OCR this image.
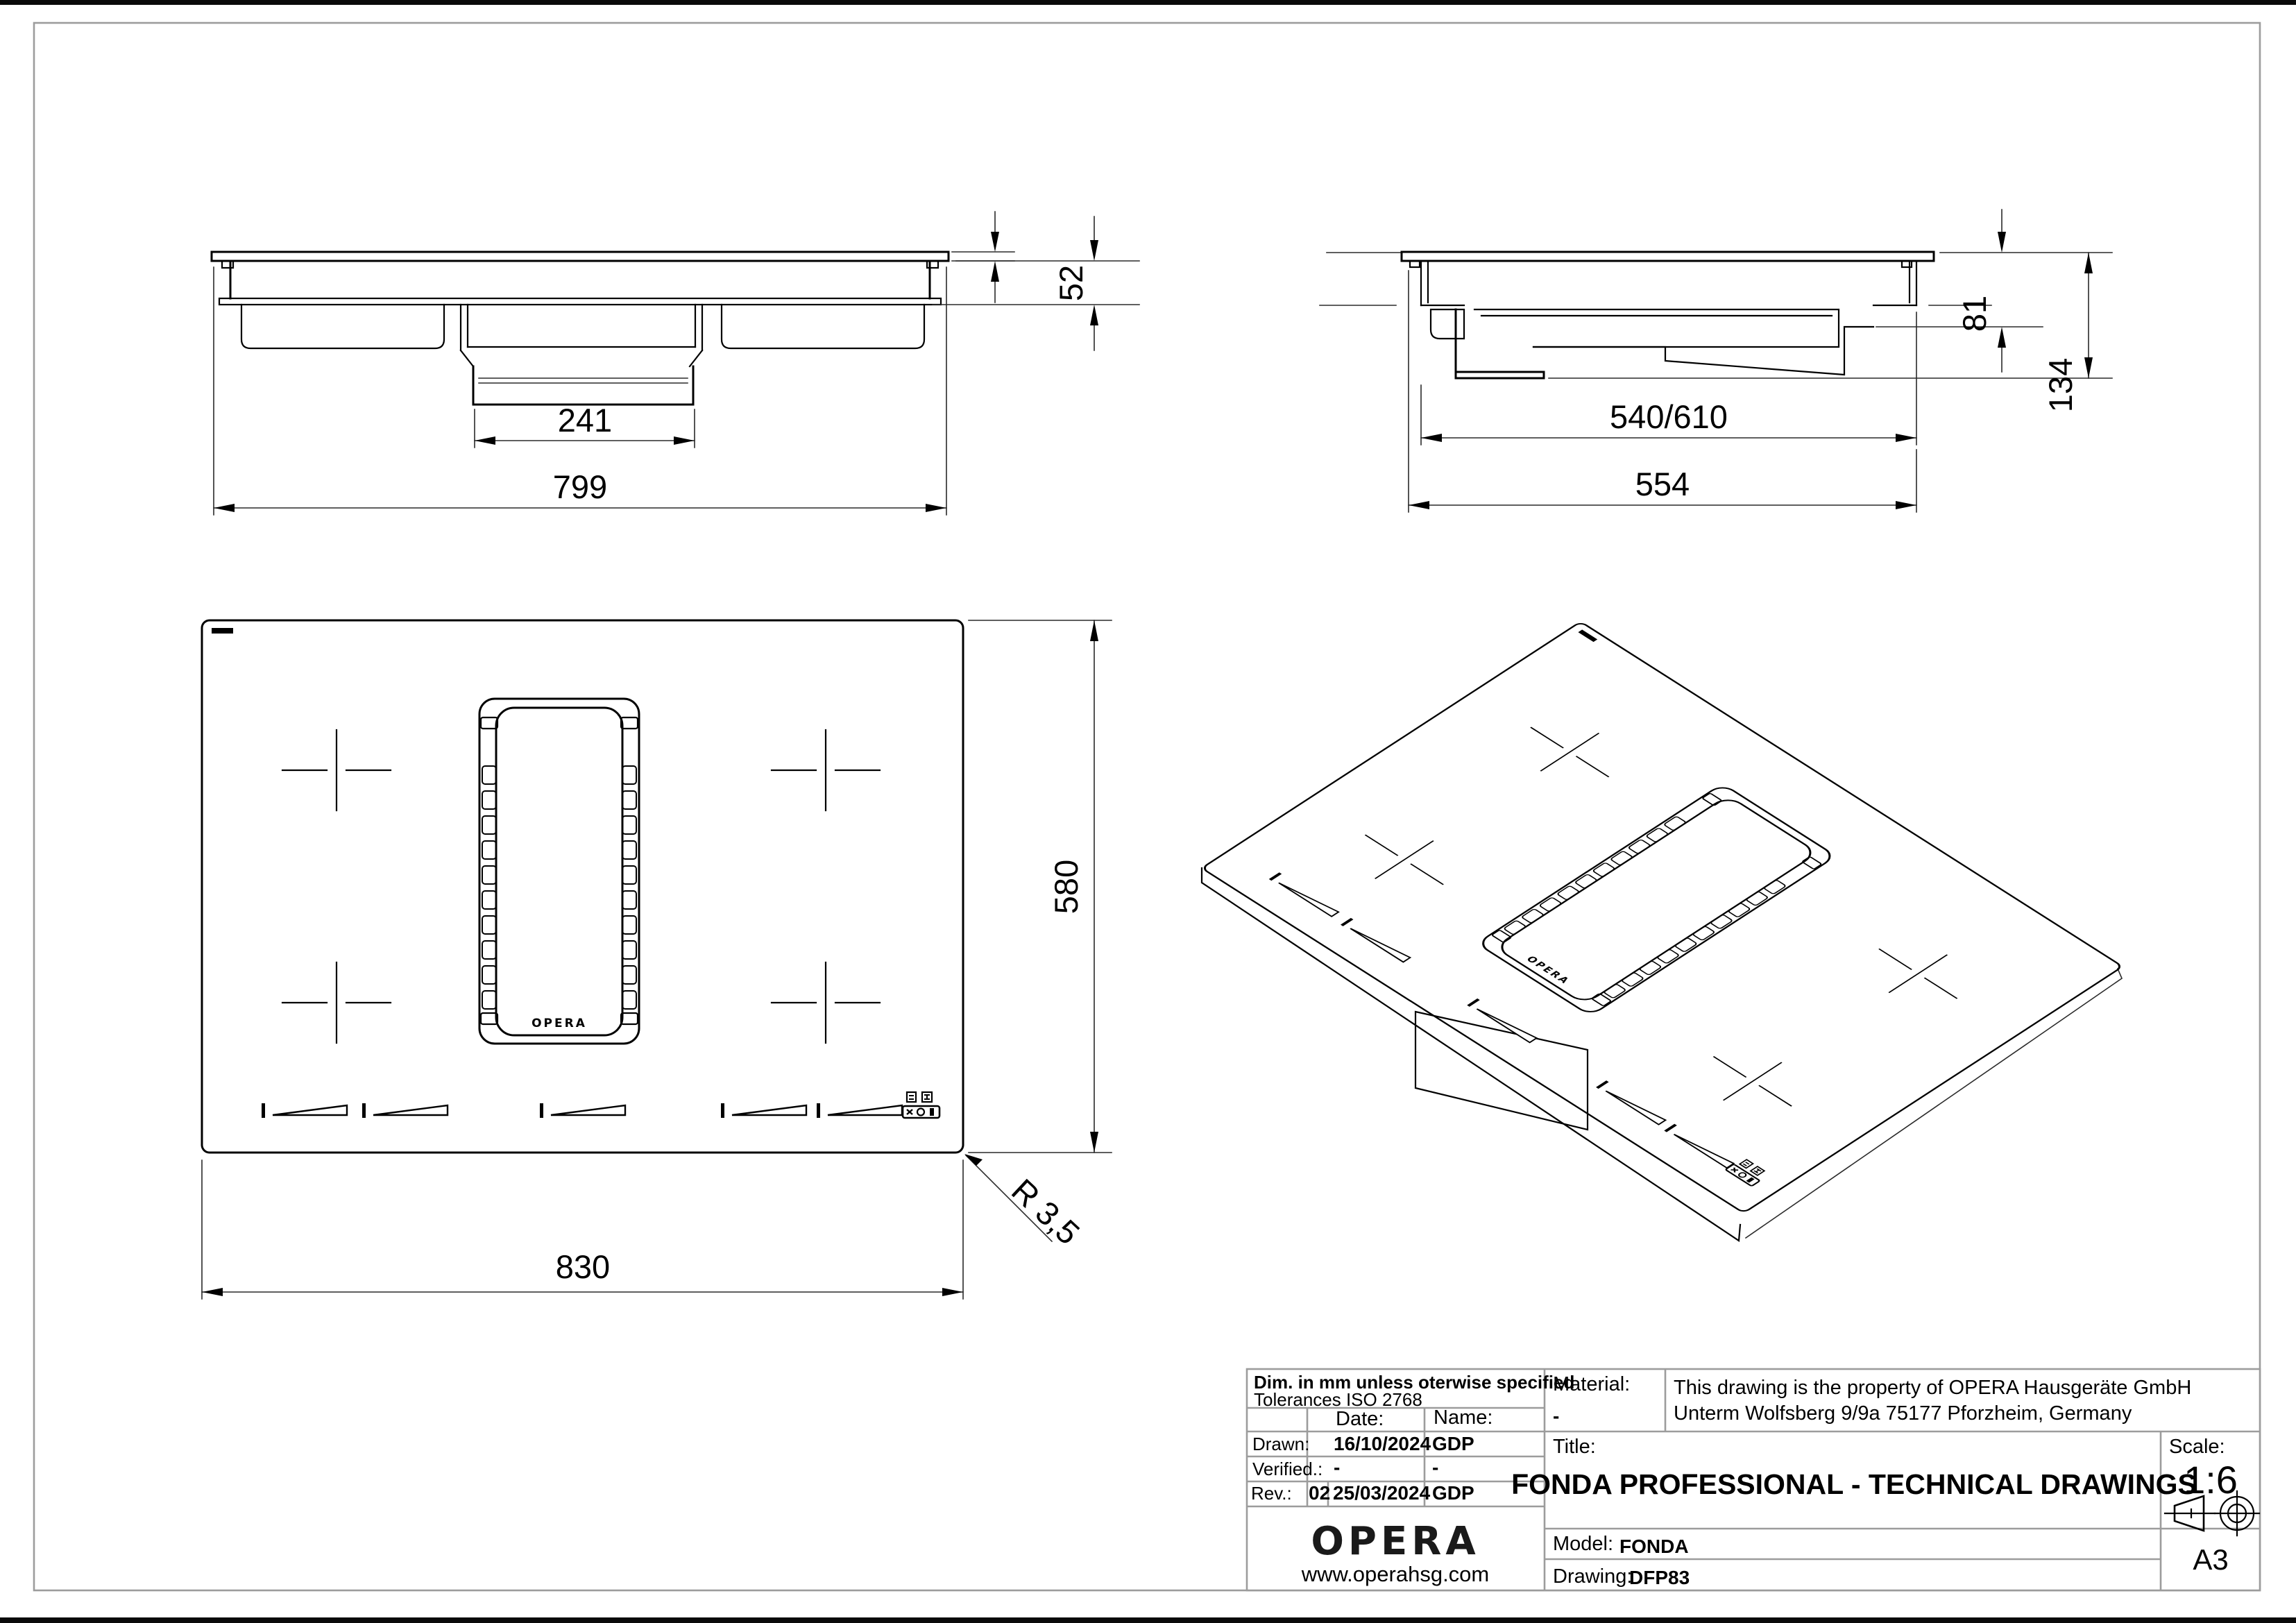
OPERA	241
799
52
81
134
540/610
554
580
830
R 3,5
Dim. in mm unless oterwise specified
Tolerances ISO 2768
Date: Name:
Drawn: 16/10/2024 GDP
Verified.: -	-
Rev.: 02 25/03/2024 GDP
OPERA
www.operahsg.com
Material:
-
This drawing is the property of OPERA Hausgeräte GmbH
Unterm Wolfsberg 9/9a 75177 Pforzheim, Germany
Title:
FONDA PROFESSIONAL - TECHNICAL DRAWINGS
Scale:
1:6
Model: FONDA
Drawing:
DFP83
A3
